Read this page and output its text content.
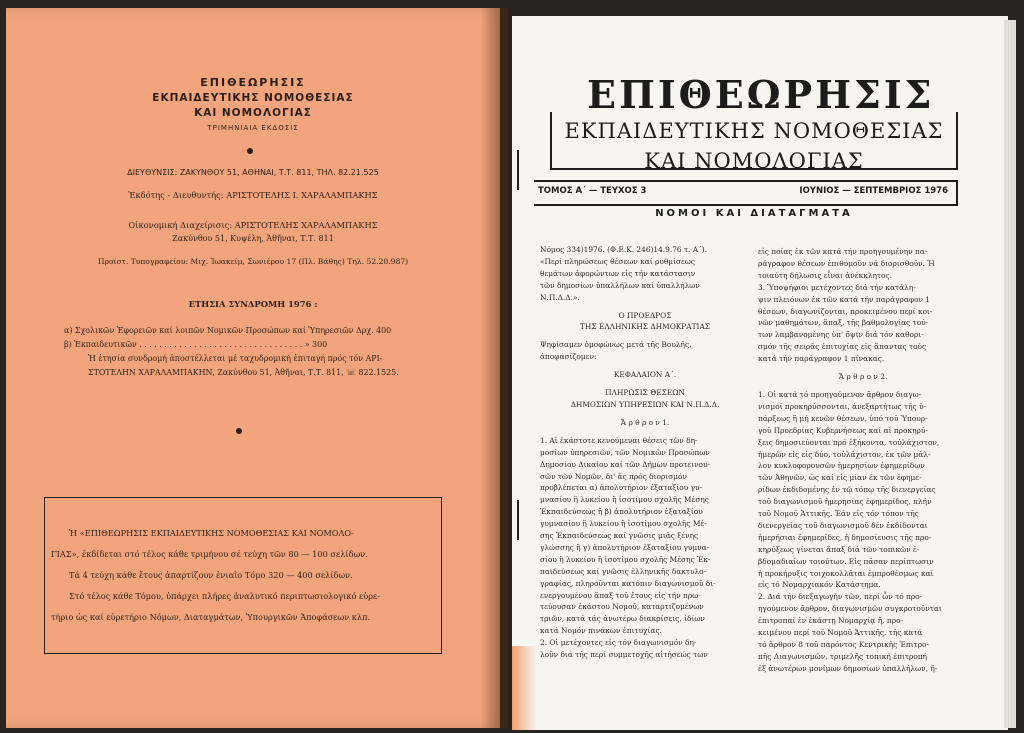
ΕΠΙΘΕΩΡΗΣΙΣ
ΕΚΠΑΙΔΕΥΤΙΚΗΣ ΝΟΜΟΘΕΣΙΑΣ
ΚΑΙ ΝΟΜΟΛΟΓΙΑΣ
ΤΡΙΜΗΝΙΑΙΑ ΕΚΔΟΣΙΣ
ΔΙΕΥΘΥΝΣΙΣ: ΖΑΚΥΝΘΟΥ 51, ΑΘΗΝΑΙ, Τ.Τ. 811, ΤΗΛ. 82.21.525
Ἐκδότης - Διευθυντής: ΑΡΙΣΤΟΤΕΛΗΣ Ι. ΧΑΡΑΛΑΜΠΑΚΗΣ
Οἰκονομική Διαχείρισις: ΑΡΙΣΤΟΤΕΛΗΣ ΧΑΡΑΛΑΜΠΑΚΗΣ
Ζακύνθου 51, Κυψέλη, Ἀθῆναι, Τ.Τ. 811
Προϊστ. Τυπογραφείου: Μιχ. Ἰωακείμ, Σωνιέρου 17 (Πλ. Βάθης) Τηλ. 52.20.987)
ΕΤΗΣΙΑ ΣΥΝΔΡΟΜΗ 1976 :
α) Σχολικῶν Ἐφορειῶν καί λοιπῶν Νομικῶν Προσώπων καί Ὑπηρεσιῶν Δρχ. 400
β) Ἐκπαιδευτικῶν . . . . . . . . . . . . . . . . . . . . . . . . . . . . . . . . . » 300
Ἡ ἐτησία συνδρομή ἀποστέλλεται μέ ταχυδρομική ἐπιταγή πρός τόν ΑΡΙ-
ΣΤΟΤΕΛΗΝ ΧΑΡΑΛΑΜΠΑΚΗΝ, Ζακύνθου 51, Ἀθῆναι, Τ.Τ. 811, ☏ 822.1525.
Ἡ «ΕΠΙΘΕΩΡΗΣΙΣ ΕΚΠΑΙΔΕΥΤΙΚΗΣ ΝΟΜΟΘΕΣΙΑΣ ΚΑΙ ΝΟΜΟΛΟ-
ΓΙΑΣ», ἐκδίδεται στό τέλος κάθε τριμήνου σέ τεύχη τῶν 80 — 100 σελίδων.
Τά 4 τεύχη κάθε ἔτους ἀπαρτίζουν ἑνιαῖο Τόμο 320 — 400 σελίδων.
Στό τέλος κάθε Τόμου, ὑπάρχει πλήρες ἀναλυτικό περιπτωσιολογικό εὑρε-
τήριο ὡς καί εὑρετήριο Νόμων, Διαταγμάτων, Ὑπουργικῶν Ἀποφάσεων κλπ.
ΕΠΙΘΕΩΡΗΣΙΣ
ΕΚΠΑΙΔΕΥΤΙΚΗΣ ΝΟΜΟΘΕΣΙΑΣ
ΚΑΙ ΝΟΜΟΛΟΓΙΑΣ
ΤΟΜΟΣ Α΄ — ΤΕΥΧΟΣ 3	ΙΟΥΝΙΟΣ — ΣΕΠΤΕΜΒΡΙΟΣ 1976
ΝΟΜΟΙ ΚΑΙ ΔΙΑΤΑΓΜΑΤΑ
Νόμος 334)1976. (Φ.Ε.Κ. 246)14.9.76 τ. Α΄).
«Περί πληρώσεως θέσεων καί ρυθμίσεως
θεμάτων ἀφορώντων εἰς τήν κατάστασιν
τῶν δημοσίων ὑπαλλήλων καί ὑπαλλήλων
Ν.Π.Δ.Δ.».
Ο ΠΡΟΕΔΡΟΣ
ΤΗΣ ΕΛΛΗΝΙΚΗΣ ΔΗΜΟΚΡΑΤΙΑΣ
Ψηφίσαμεν ὁμοφώνως μετά τῆς Βουλῆς,
ἀποφασίζομεν:
ΚΕΦΑΛΑΙΟΝ Α΄.
ΠΛΗΡΩΣΙΣ ΘΕΣΕΩΝ
ΔΗΜΟΣΙΩΝ ΥΠΗΡΕΣΙΩΝ ΚΑΙ Ν.Π.Δ.Δ.
Ἄ ρ θ ρ ο ν 1.
1. Αἱ ἑκάστοτε κενούμεναι θέσεις τῶν δη-
μοσίων ὑπηρεσιῶν, τῶν Νομικῶν Προσώπων
Δημοσίου Δικαίου καί τῶν Δήμων προτεινου-
σῶν τῶν Νομῶν, δι' ἅς πρός διορισμόν
προβλέπεται α) ἀπολυτήριον ἑξαταξίου γυ-
μνασίου ἢ λυκείου ἢ ἰσοτίμου σχολῆς Μέσης
Ἐκπαιδεύσεως ἢ β) ἀπολυτήριον ἑξαταξίου
γυμνασίου ἢ λυκείου ἢ ἰσοτίμου σχολῆς Μέ-
σης Ἐκπαιδεύσεως καί γνῶσις μιᾶς ξένης
γλώσσης ἢ γ) ἀπολυτήριον ἑξαταξίου γυμνα-
σίου ἢ λυκείου ἢ ἰσοτίμου σχολῆς Μέσης Ἐκ-
παιδεύσεως καί γνῶσις ἑλληνικῆς δακτυλο-
γραφίας, πληροῦνται κατόπιν διαγωνισμοῦ δι-
ενεργουμένου ἅπαξ τοῦ ἔτους εἰς τήν πρω-
τεύουσαν ἑκάστου Νομοῦ, καταρτιζομένων
τριῶν, κατά τάς ἀνωτέρω διακρίσεις, ἰδίων
κατά Νομόν πινάκων ἐπιτυχίας.
2. Οἱ μετέχοντες εἰς τόν διαγωνισμόν δη-
λοῦν διά τῆς περί συμμετοχῆς αἰτήσεώς των
εἰς ποίας ἐκ τῶν κατά τήν προηγουμένην πα-
ράγραφον θέσεων ἐπιθυμοῦν νά διορισθοῦν. Ἡ
τοιαύτη δήλωσις εἶναι ἀνέκκλητος.
3. Ὑποψήφιοι μετέχοντες διά τήν κατάλη-
ψιν πλειόνων ἐκ τῶν κατά τήν παράγραφον 1
θέσεων, διαγωνίζονται, προκειμένου περί κοι-
νῶν μαθημάτων, ἅπαξ, τῆς βαθμολογίας τού-
των λαμβανομένης ὑπ' ὄψιν διά τόν καθορι-
σμόν τῆς σειρᾶς ἐπιτυχίας εἰς ἅπαντας τούς
κατά τήν παράγραφον 1 πίνακας.
Ἄ ρ θ ρ ο ν 2.
1. Οἱ κατά τό προηγούμενον ἄρθρον διαγω-
νισμοί προκηρύσσονται, ἀνεξαρτήτως τῆς ὑ-
πάρξεως ἢ μή κενῶν θέσεων, ὑπό τοῦ Ὑπουρ-
γοῦ Προεδρίας Κυβερνήσεως καί αἱ προκηρύ-
ξεις δημοσιεύονται πρό ἑξήκοντα, τοὐλάχιστον,
ἡμερῶν εἰς εἰς δύο, τοὐλάχιστον, ἐκ τῶν μᾶλ-
λον κυκλοφορουσῶν ἡμερησίων ἐφημερίδων
τῶν Ἀθηνῶν, ὡς καί εἰς μίαν ἐκ τῶν ἐφημε-
ρίδων ἐκδιδομένης ἐν τῷ τόπῳ τῆς διενεργείας
τοῦ διαγωνισμοῦ ἡμερησίας ἐφημερίδος, πλήν
τοῦ Νομοῦ Ἀττικῆς. Ἐάν εἰς τόν τόπον τῆς
διενεργείας τοῦ διαγωνισμοῦ δέν ἐκδίδονται
ἡμερήσιαι ἐφημερίδες, ἡ δημοσίευσις τῆς προ-
κηρύξεως γίνεται ἅπαξ διά τῶν τοπικῶν ἑ-
βδομαδιαίων τοιούτων. Εἰς πᾶσαν περίπτωσιν
ἡ προκήρυξις τοιχοκολλᾶται ἐμπροθέσμως καί
εἰς τό Νομαρχιακόν Κατάστημα.
2. Διά τήν διεξαγωγήν τῶν, περί ὧν τό προ-
ηγούμενον ἄρθρον, διαγωνισμῶν συγκροτοῦνται
ἐπιτροπαί ἐν ἑκάστῃ Νομαρχίᾳ ἤ, προ-
κειμένου περί τοῦ Νομοῦ Ἀττικῆς, τῆς κατά
τό ἄρθρον 8 τοῦ παρόντος Κεντρικῆς Ἐπιτρο-
πῆς Διαγωνισμῶν, τριμελῆς τοπική ἐπιτροπή
ἐξ ἀνωτέρων μονίμων δημοσίων ὑπαλλήλων, ἤ-
